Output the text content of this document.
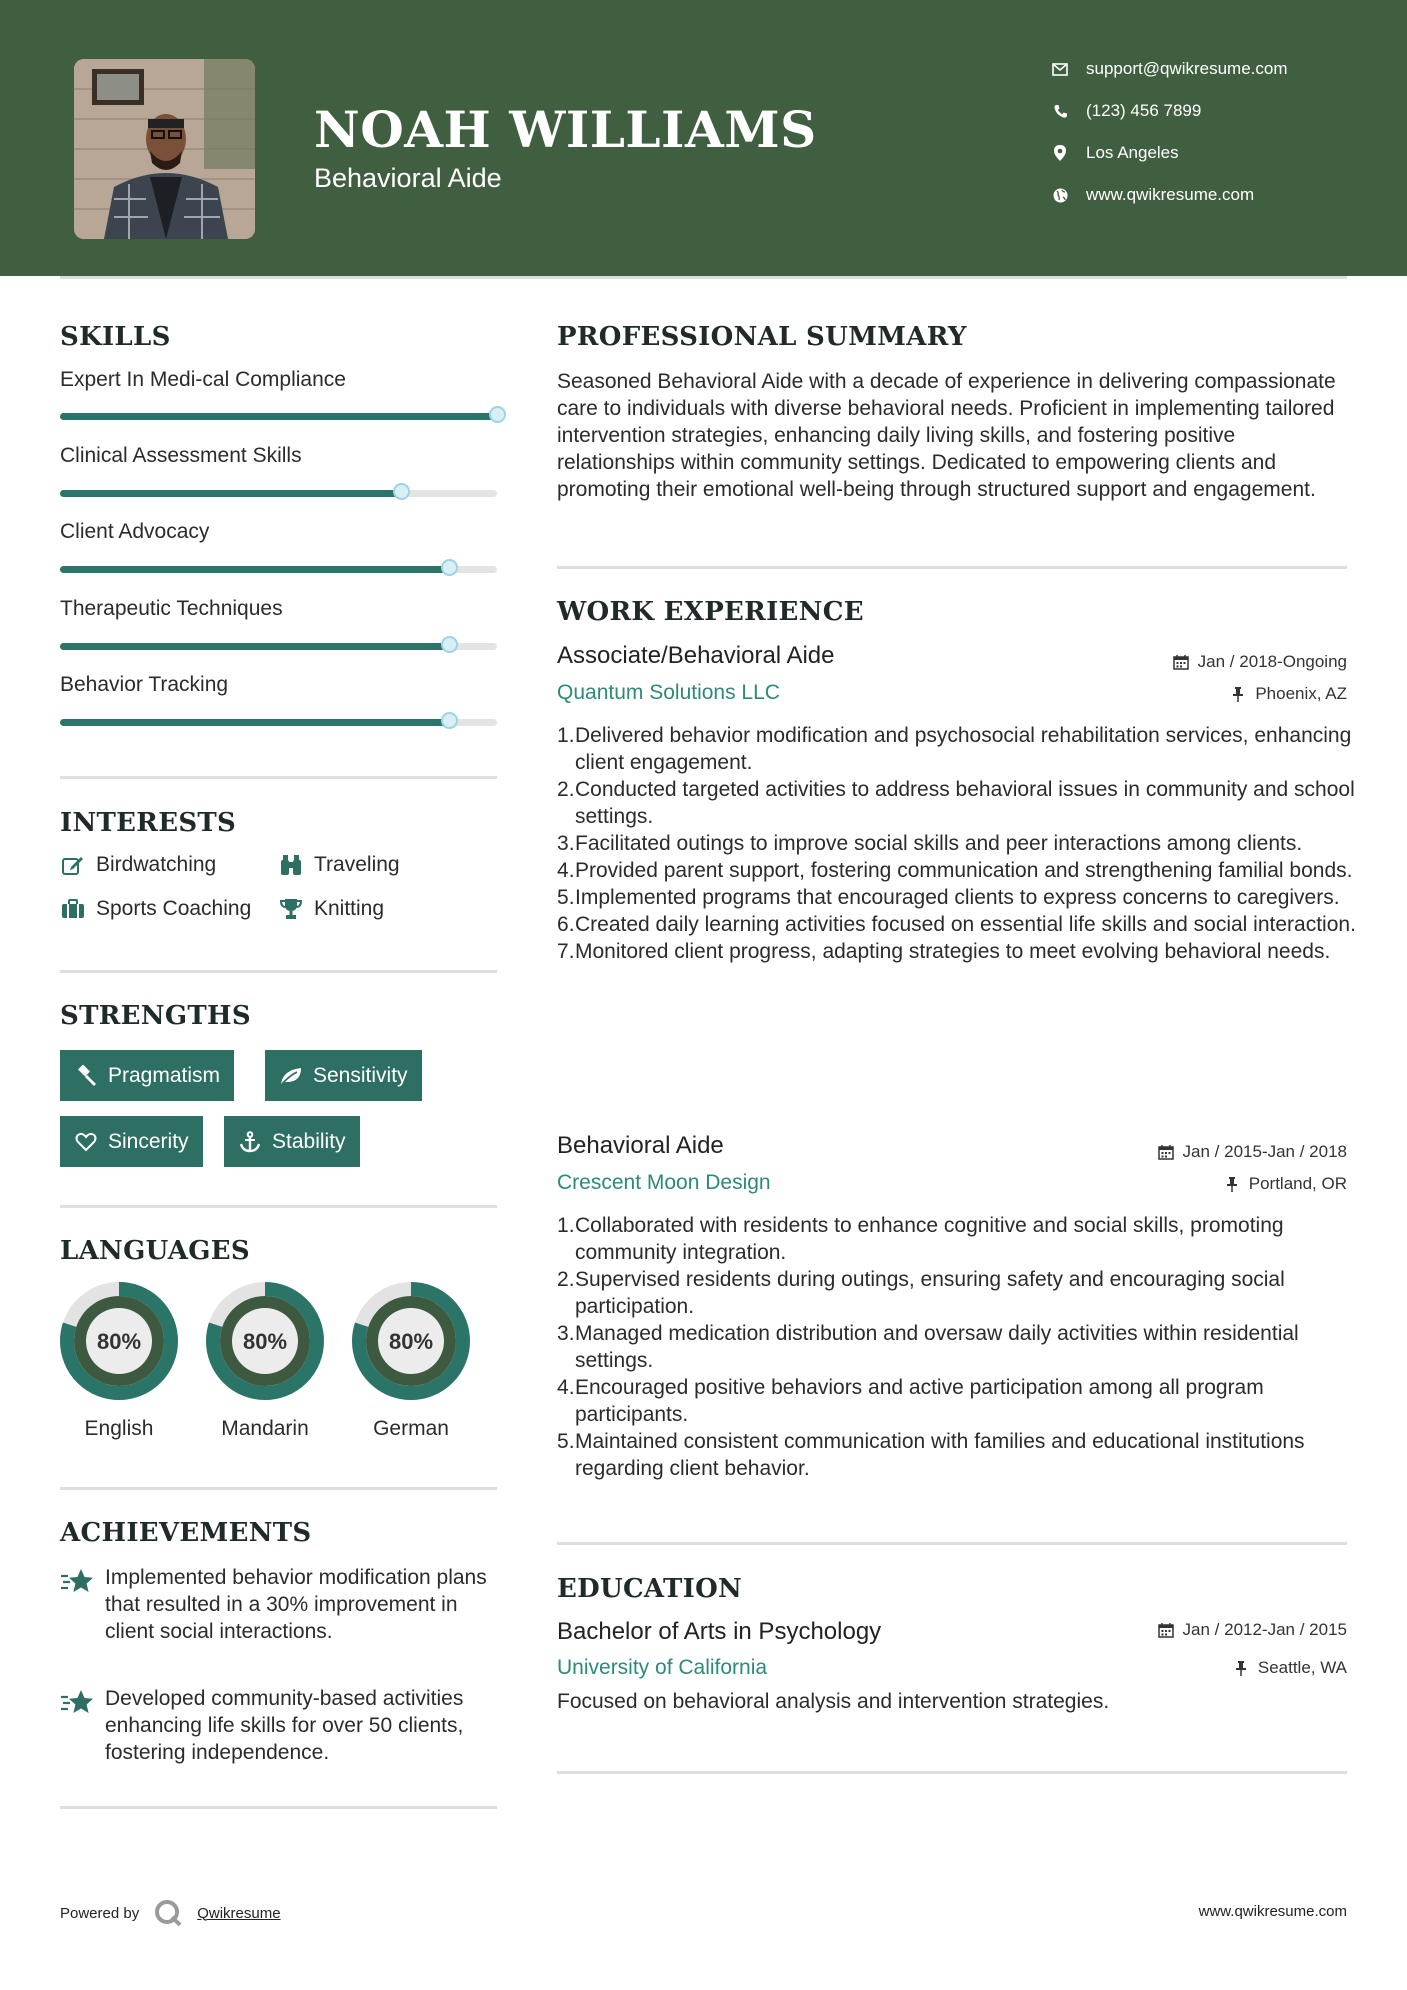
NOAH WILLIAMS
Behavioral Aide
support@qwikresume.com
(123) 456 7899
Los Angeles
www.qwikresume.com
SKILLS
Expert In Medi-cal Compliance
Clinical Assessment Skills
Client Advocacy
Therapeutic Techniques
Behavior Tracking
INTERESTS
Birdwatching	Traveling
Sports Coaching	Knitting
STRENGTHS
Pragmatism	Sensitivity
Sincerity	Stability
LANGUAGES
80%
English
80%
Mandarin
80%
German
ACHIEVEMENTS
Implemented behavior modification plans that resulted in a 30% improvement in client social interactions.
Developed community-based activities enhancing life skills for over 50 clients, fostering independence.
PROFESSIONAL SUMMARY
Seasoned Behavioral Aide with a decade of experience in delivering compassionate care to individuals with diverse behavioral needs. Proficient in implementing tailored intervention strategies, enhancing daily living skills, and fostering positive relationships within community settings. Dedicated to empowering clients and promoting their emotional well-being through structured support and engagement.
WORK EXPERIENCE
Associate/Behavioral Aide	Jan / 2018-Ongoing
Quantum Solutions LLC	Phoenix, AZ
Delivered behavior modification and psychosocial rehabilitation services, enhancing client engagement.
Conducted targeted activities to address behavioral issues in community and school settings.
Facilitated outings to improve social skills and peer interactions among clients.
Provided parent support, fostering communication and strengthening familial bonds.
Implemented programs that encouraged clients to express concerns to caregivers.
Created daily learning activities focused on essential life skills and social interaction.
Monitored client progress, adapting strategies to meet evolving behavioral needs.
Behavioral Aide	Jan / 2015-Jan / 2018
Crescent Moon Design	Portland, OR
Collaborated with residents to enhance cognitive and social skills, promoting community integration.
Supervised residents during outings, ensuring safety and encouraging social participation.
Managed medication distribution and oversaw daily activities within residential settings.
Encouraged positive behaviors and active participation among all program participants.
Maintained consistent communication with families and educational institutions regarding client behavior.
EDUCATION
Bachelor of Arts in Psychology	Jan / 2012-Jan / 2015
University of California	Seattle, WA
Focused on behavioral analysis and intervention strategies.
Powered by	Qwikresume	www.qwikresume.com
